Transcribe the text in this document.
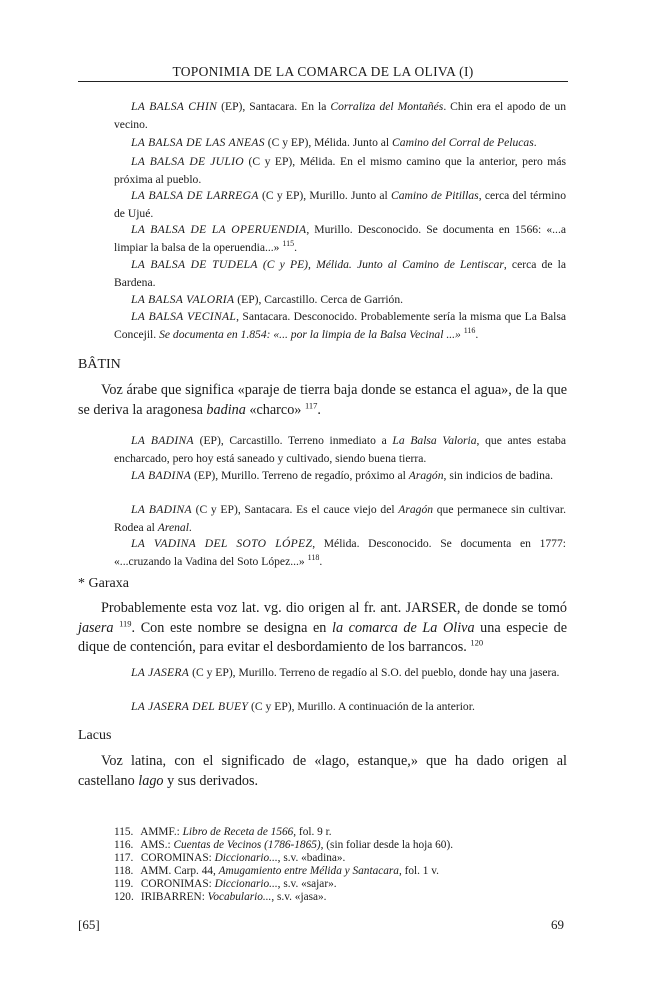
TOPONIMIA DE LA COMARCA DE LA OLIVA (I)

LA BALSA CHIN (EP), Santacara. En la Corraliza del Montañés. Chin era el apodo de un vecino.

LA BALSA DE LAS ANEAS (C y EP), Mélida. Junto al Camino del Corral de Pelucas.

LA BALSA DE JULIO (C y EP), Mélida. En el mismo camino que la anterior, pero más próxima al pueblo.

LA BALSA DE LARREGA (C y EP), Murillo. Junto al Camino de Pitillas, cerca del término de Ujué.

LA BALSA DE LA OPERUENDIA, Murillo. Desconocido. Se documenta en 1566: «...a limpiar la balsa de la operuendia...» $^{115}$.

LA BALSA DE TUDELA (C y PE), Mélida. Junto al Camino de Lentiscar, cerca de la Bardena.

LA BALSA VALORIA (EP), Carcastillo. Cerca de Garrión.

LA BALSA VECINAL, Santacara. Desconocido. Probablemente sería la misma que La Balsa Concejil. Se documenta en 1.854: «... por la limpia de la Balsa Vecinal ...» $^{116}$.

BÂTIN

Voz árabe que significa «paraje de tierra baja donde se estanca el agua», de la que se deriva la aragonesa badina «charco» $^{117}$.

LA BADINA (EP), Carcastillo. Terreno inmediato a La Balsa Valoria, que antes estaba encharcado, pero hoy está saneado y cultivado, siendo buena tierra.

LA BADINA (EP), Murillo. Terreno de regadío, próximo al Aragón, sin indicios de badina.

LA BADINA (C y EP), Santacara. Es el cauce viejo del Aragón que permanece sin cultivar. Rodea al Arenal.

LA VADINA DEL SOTO LÓPEZ, Mélida. Desconocido. Se documenta en 1777: «...cruzando la Vadina del Soto López...» $^{118}$.

* Garaxa

Probablemente esta voz lat. vg. dio origen al fr. ant. JARSER, de donde se tomó jasera $^{119}$. Con este nombre se designa en la comarca de La Oliva una especie de dique de contención, para evitar el desbordamiento de los barrancos. $^{120}$

LA JASERA (C y EP), Murillo. Terreno de regadío al S.O. del pueblo, donde hay una jasera.

LA JASERA DEL BUEY (C y EP), Murillo. A continuación de la anterior.

Lacus

Voz latina, con el significado de «lago, estanque,» que ha dado origen al castellano lago y sus derivados.

115. AMMF.: Libro de Receta de 1566, fol. 9 r.
116. AMS.: Cuentas de Vecinos (1786-1865), (sin foliar desde la hoja 60).
117. COROMINAS: Diccionario..., s.v. «badina».
118. AMM. Carp. 44, Amugamiento entre Mélida y Santacara, fol. 1 v.
119. CORONIMAS: Diccionario..., s.v. «sajar».
120. IRIBARREN: Vocabulario..., s.v. «jasa».
[65]	69
